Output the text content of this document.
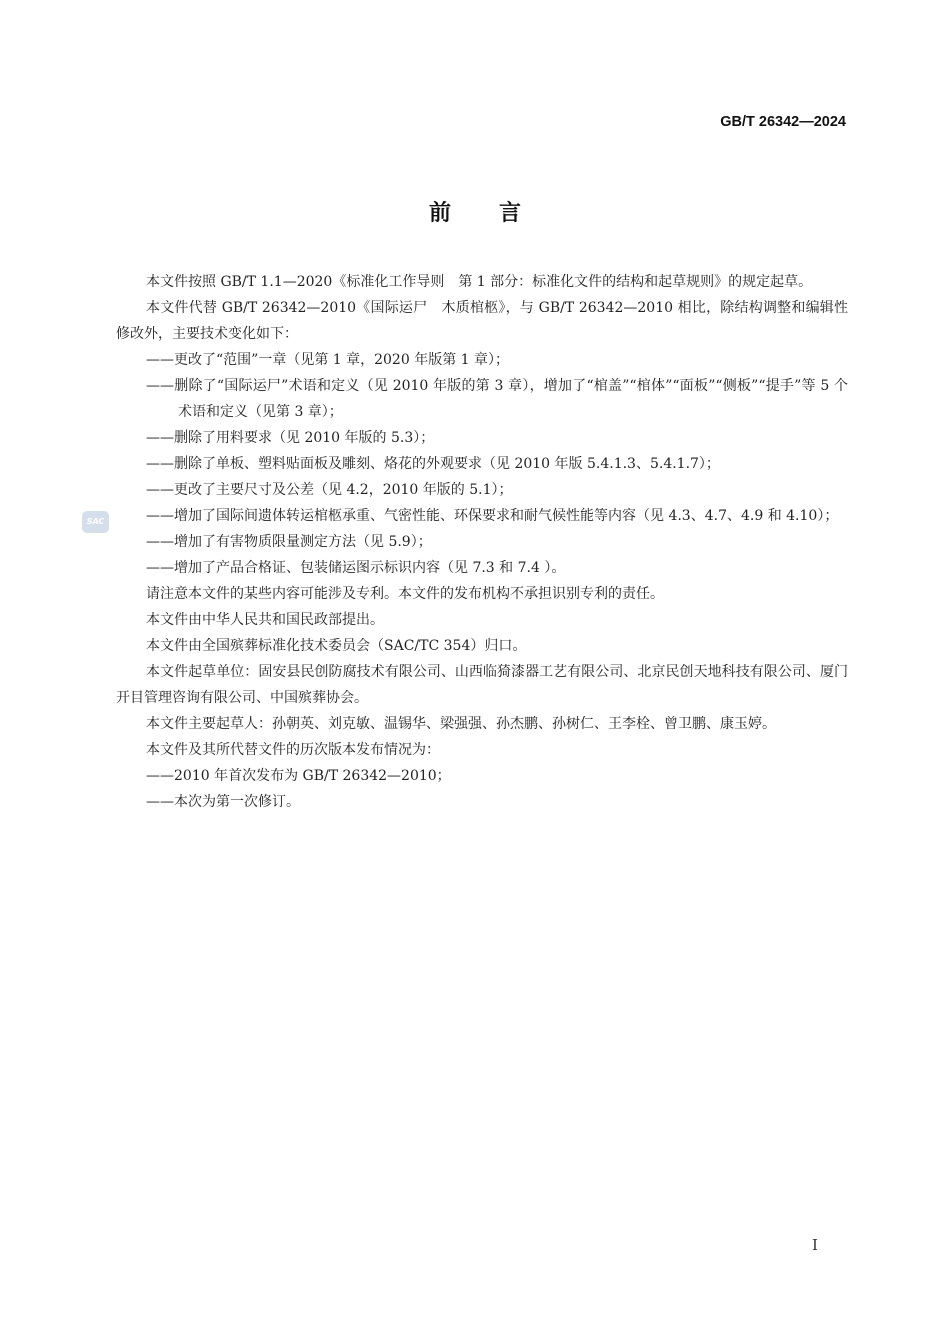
GB/T 26342—2024
前言

本文件按照 GB/T 1.1—2020《标准化工作导则　第 1 部分：标准化文件的结构和起草规则》的规定起草。

本文件代替 GB/T 26342—2010《国际运尸　木质棺柩》，与 GB/T 26342—2010 相比，除结构调整和编辑性修改外，主要技术变化如下：

——更改了“范围”一章（见第 1 章，2020 年版第 1 章）；

——删除了“国际运尸”术语和定义（见 2010 年版的第 3 章），增加了“棺盖”“棺体”“面板”“侧板”“提手”等 5 个术语和定义（见第 3 章）；

——删除了用料要求（见 2010 年版的 5.3）；

——删除了单板、塑料贴面板及雕刻、烙花的外观要求（见 2010 年版 5.4.1.3、5.4.1.7）；

——更改了主要尺寸及公差（见 4.2，2010 年版的 5.1）；

——增加了国际间遗体转运棺柩承重、气密性能、环保要求和耐气候性能等内容（见 4.3、4.7、4.9 和 4.10）；

——增加了有害物质限量测定方法（见 5.9）；

——增加了产品合格证、包装储运图示标识内容（见 7.3 和 7.4 ）。

请注意本文件的某些内容可能涉及专利。本文件的发布机构不承担识别专利的责任。

本文件由中华人民共和国民政部提出。

本文件由全国殡葬标准化技术委员会（SAC/TC 354）归口。

本文件起草单位：固安县民创防腐技术有限公司、山西临猗漆器工艺有限公司、北京民创天地科技有限公司、厦门开目管理咨询有限公司、中国殡葬协会。

本文件主要起草人：孙朝英、刘克敏、温锡华、梁强强、孙杰鹏、孙树仁、王李栓、曾卫鹏、康玉婷。

本文件及其所代替文件的历次版本发布情况为：

——2010 年首次发布为 GB/T 26342—2010；

——本次为第一次修订。

SAC
I
